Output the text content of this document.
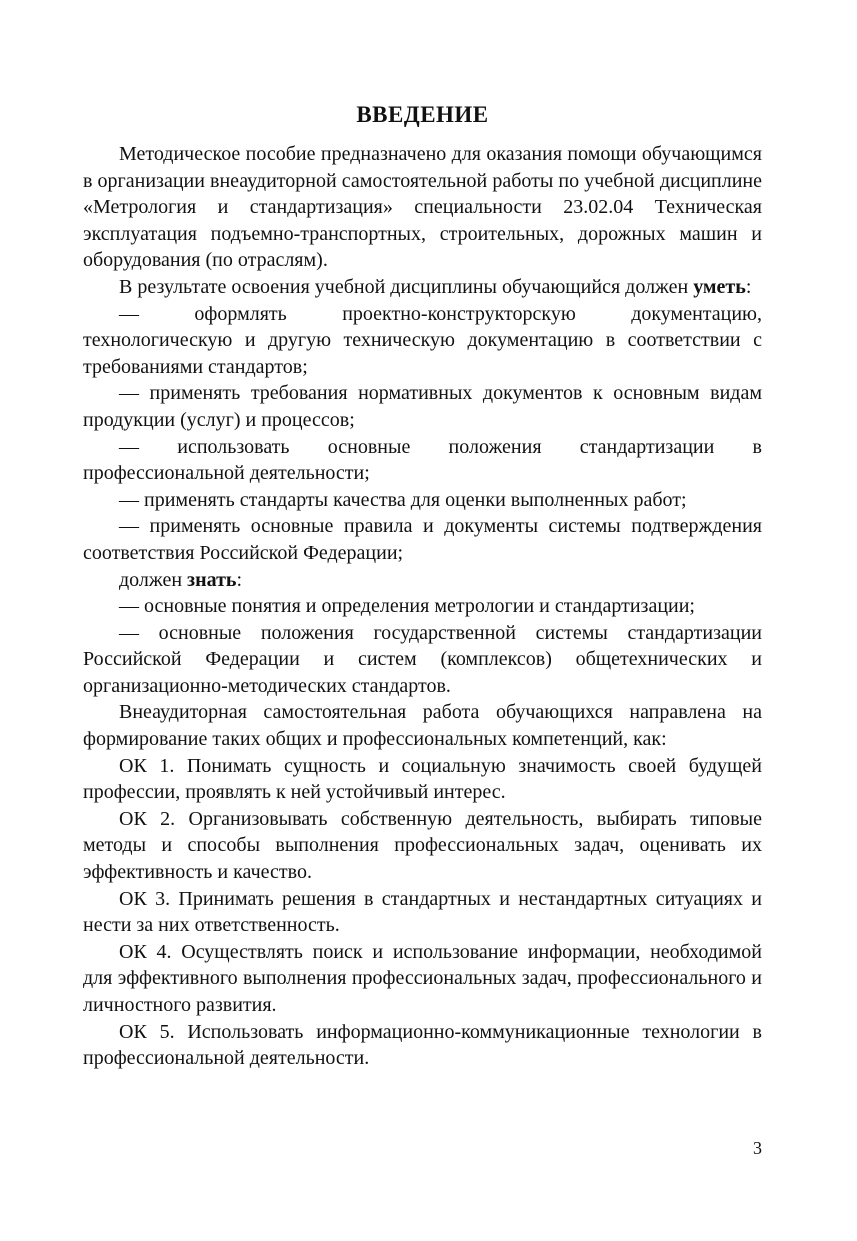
ВВЕДЕНИЕ

Методическое пособие предназначено для оказания помощи обучающимся в организации внеаудиторной самостоятельной работы по учебной дисциплине «Метрология и стандартизация» специальности 23.02.04 Техническая эксплуатация подъемно-транспортных, строительных, дорожных машин и оборудования (по отраслям).

В результате освоения учебной дисциплины обучающийся должен уметь:

— оформлять проектно-конструкторскую документацию, технологическую и другую техническую документацию в соответствии с требованиями стандартов;

— применять требования нормативных документов к основным видам продукции (услуг) и процессов;

— использовать основные положения стандартизации в профессиональной деятельности;

— применять стандарты качества для оценки выполненных работ;

— применять основные правила и документы системы подтверждения соответствия Российской Федерации;

должен знать:

— основные понятия и определения метрологии и стандартизации;

— основные положения государственной системы стандартизации Российской Федерации и систем (комплексов) общетехнических и организационно-методических стандартов.

Внеаудиторная самостоятельная работа обучающихся направлена на формирование таких общих и профессиональных компетенций, как:

ОК 1. Понимать сущность и социальную значимость своей будущей профессии, проявлять к ней устойчивый интерес.

ОК 2. Организовывать собственную деятельность, выбирать типовые методы и способы выполнения профессиональных задач, оценивать их эффективность и качество.

ОК 3. Принимать решения в стандартных и нестандартных ситуациях и нести за них ответственность.

ОК 4. Осуществлять поиск и использование информации, необходимой для эффективного выполнения профессиональных задач, профессионального и личностного развития.

ОК 5. Использовать информационно-коммуникационные технологии в профессиональной деятельности.

3
